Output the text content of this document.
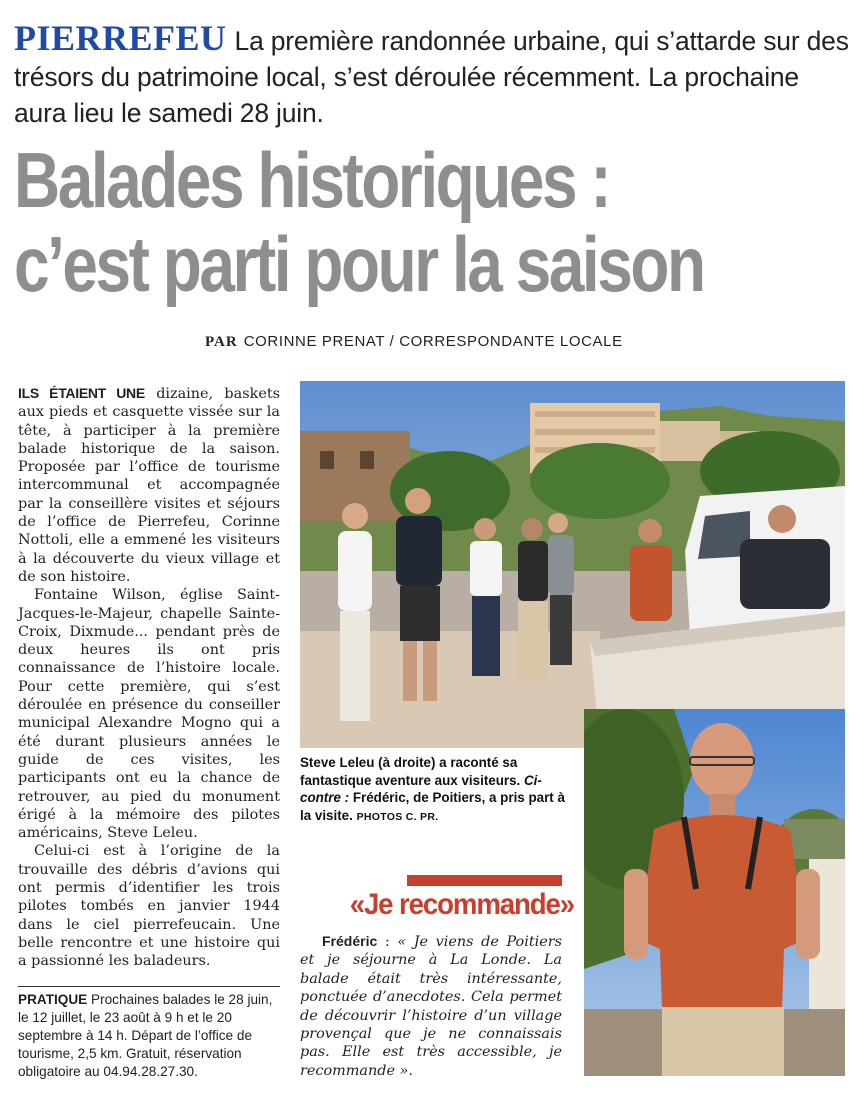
PIERREFEU La première randonnée urbaine, qui s’attarde sur des trésors du patrimoine local, s’est déroulée récemment. La prochaine aura lieu le samedi 28 juin.
Balades historiques :
c’est parti pour la saison
PAR CORINNE PRENAT / CORRESPONDANTE LOCALE

ILS ÉTAIENT UNE dizaine, baskets aux pieds et casquette vissée sur la tête, à participer à la première balade historique de la saison. Proposée par l’office de tourisme intercommunal et accompagnée par la conseillère visites et séjours de l’office de Pierrefeu, Corinne Nottoli, elle a emmené les visiteurs à la découverte du vieux village et de son histoire.

Fontaine Wilson, église Saint-Jacques-le-Majeur, chapelle Sainte-Croix, Dixmude... pendant près de deux heures ils ont pris connaissance de l’histoire locale. Pour cette première, qui s’est déroulée en présence du conseiller municipal Alexandre Mogno qui a été durant plusieurs années le guide de ces visites, les participants ont eu la chance de retrouver, au pied du monument érigé à la mémoire des pilotes américains, Steve Leleu.

Celui-ci est à l’origine de la trouvaille des débris d’avions qui ont permis d’identifier les trois pilotes tombés en janvier 1944 dans le ciel pierrefeucain. Une belle rencontre et une histoire qui a passionné les baladeurs.

PRATIQUE Prochaines balades le 28 juin, le 12 juillet, le 23 août à 9 h et le 20 septembre à 14 h. Départ de l’office de tourisme, 2,5 km. Gratuit, réservation obligatoire au 04.94.28.27.30.
Steve Leleu (à droite) a raconté sa fantastique aventure aux visiteurs. Ci-contre : Frédéric, de Poitiers, a pris part à la visite. PHOTOS C. PR.
«Je recommande»
Frédéric : « Je viens de Poitiers et je séjourne à La Londe. La balade était très intéressante, ponctuée d’anecdotes. Cela permet de découvrir l’histoire d’un village provençal que je ne connaissais pas. Elle est très accessible, je recommande ».
